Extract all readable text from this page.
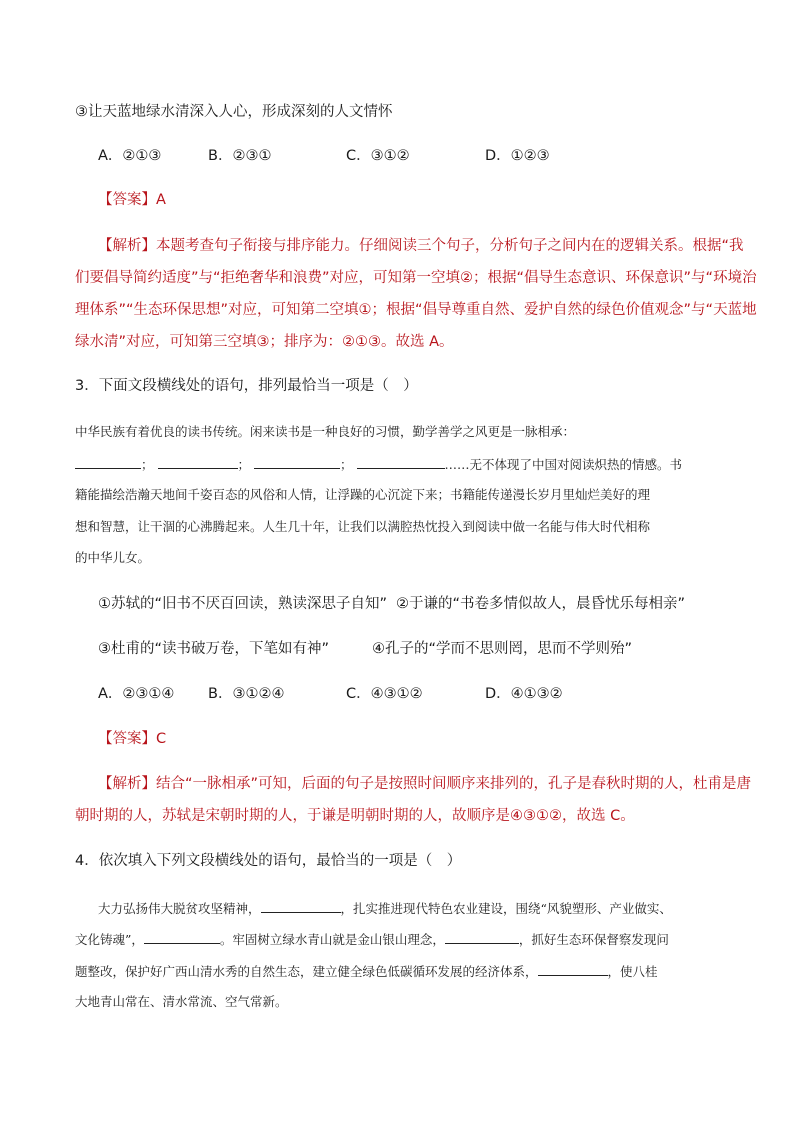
③让天蓝地绿水清深入人心，形成深刻的人文情怀
A．②①③	B．②③①	C．③①②	D．①②③
【答案】A
【解析】本题考查句子衔接与排序能力。仔细阅读三个句子，分析句子之间内在的逻辑关系。根据“我
们要倡导简约适度”与“拒绝奢华和浪费”对应，可知第一空填②；根据“倡导生态意识、环保意识”与“环境治
理体系”“生态环保思想”对应，可知第二空填①；根据“倡导尊重自然、爱护自然的绿色价值观念”与“天蓝地
绿水清”对应，可知第三空填③；排序为：②①③。故选 A。
3．下面文段横线处的语句，排列最恰当一项是（　）
中华民族有着优良的读书传统。闲来读书是一种良好的习惯，勤学善学之风更是一脉相承：
；	；	；	……无不体现了中国对阅读炽热的情感。书
籍能描绘浩瀚天地间千姿百态的风俗和人情，让浮躁的心沉淀下来；书籍能传递漫长岁月里灿烂美好的理
想和智慧，让干涸的心沸腾起来。人生几十年，让我们以满腔热忱投入到阅读中做一名能与伟大时代相称
的中华儿女。
①苏轼的“旧书不厌百回读，熟读深思子自知” ②于谦的“书卷多情似故人，晨昏忧乐每相亲”
③杜甫的“读书破万卷，下笔如有神”	④孔子的“学而不思则罔，思而不学则殆”
A．②③①④ B．③①②④	C．④③①②	D．④①③②
【答案】C
【解析】结合“一脉相承”可知，后面的句子是按照时间顺序来排列的，孔子是春秋时期的人，杜甫是唐
朝时期的人，苏轼是宋朝时期的人，于谦是明朝时期的人，故顺序是④③①②，故选 C。
4．依次填入下列文段横线处的语句，最恰当的一项是（　）
大力弘扬伟大脱贫攻坚精神，	，扎实推进现代特色农业建设，围绕“风貌塑形、产业做实、
文化铸魂”，	。牢固树立绿水青山就是金山银山理念，	，抓好生态环保督察发现问
题整改，保护好广西山清水秀的自然生态，建立健全绿色低碳循环发展的经济体系，	，使八桂
大地青山常在、清水常流、空气常新。
